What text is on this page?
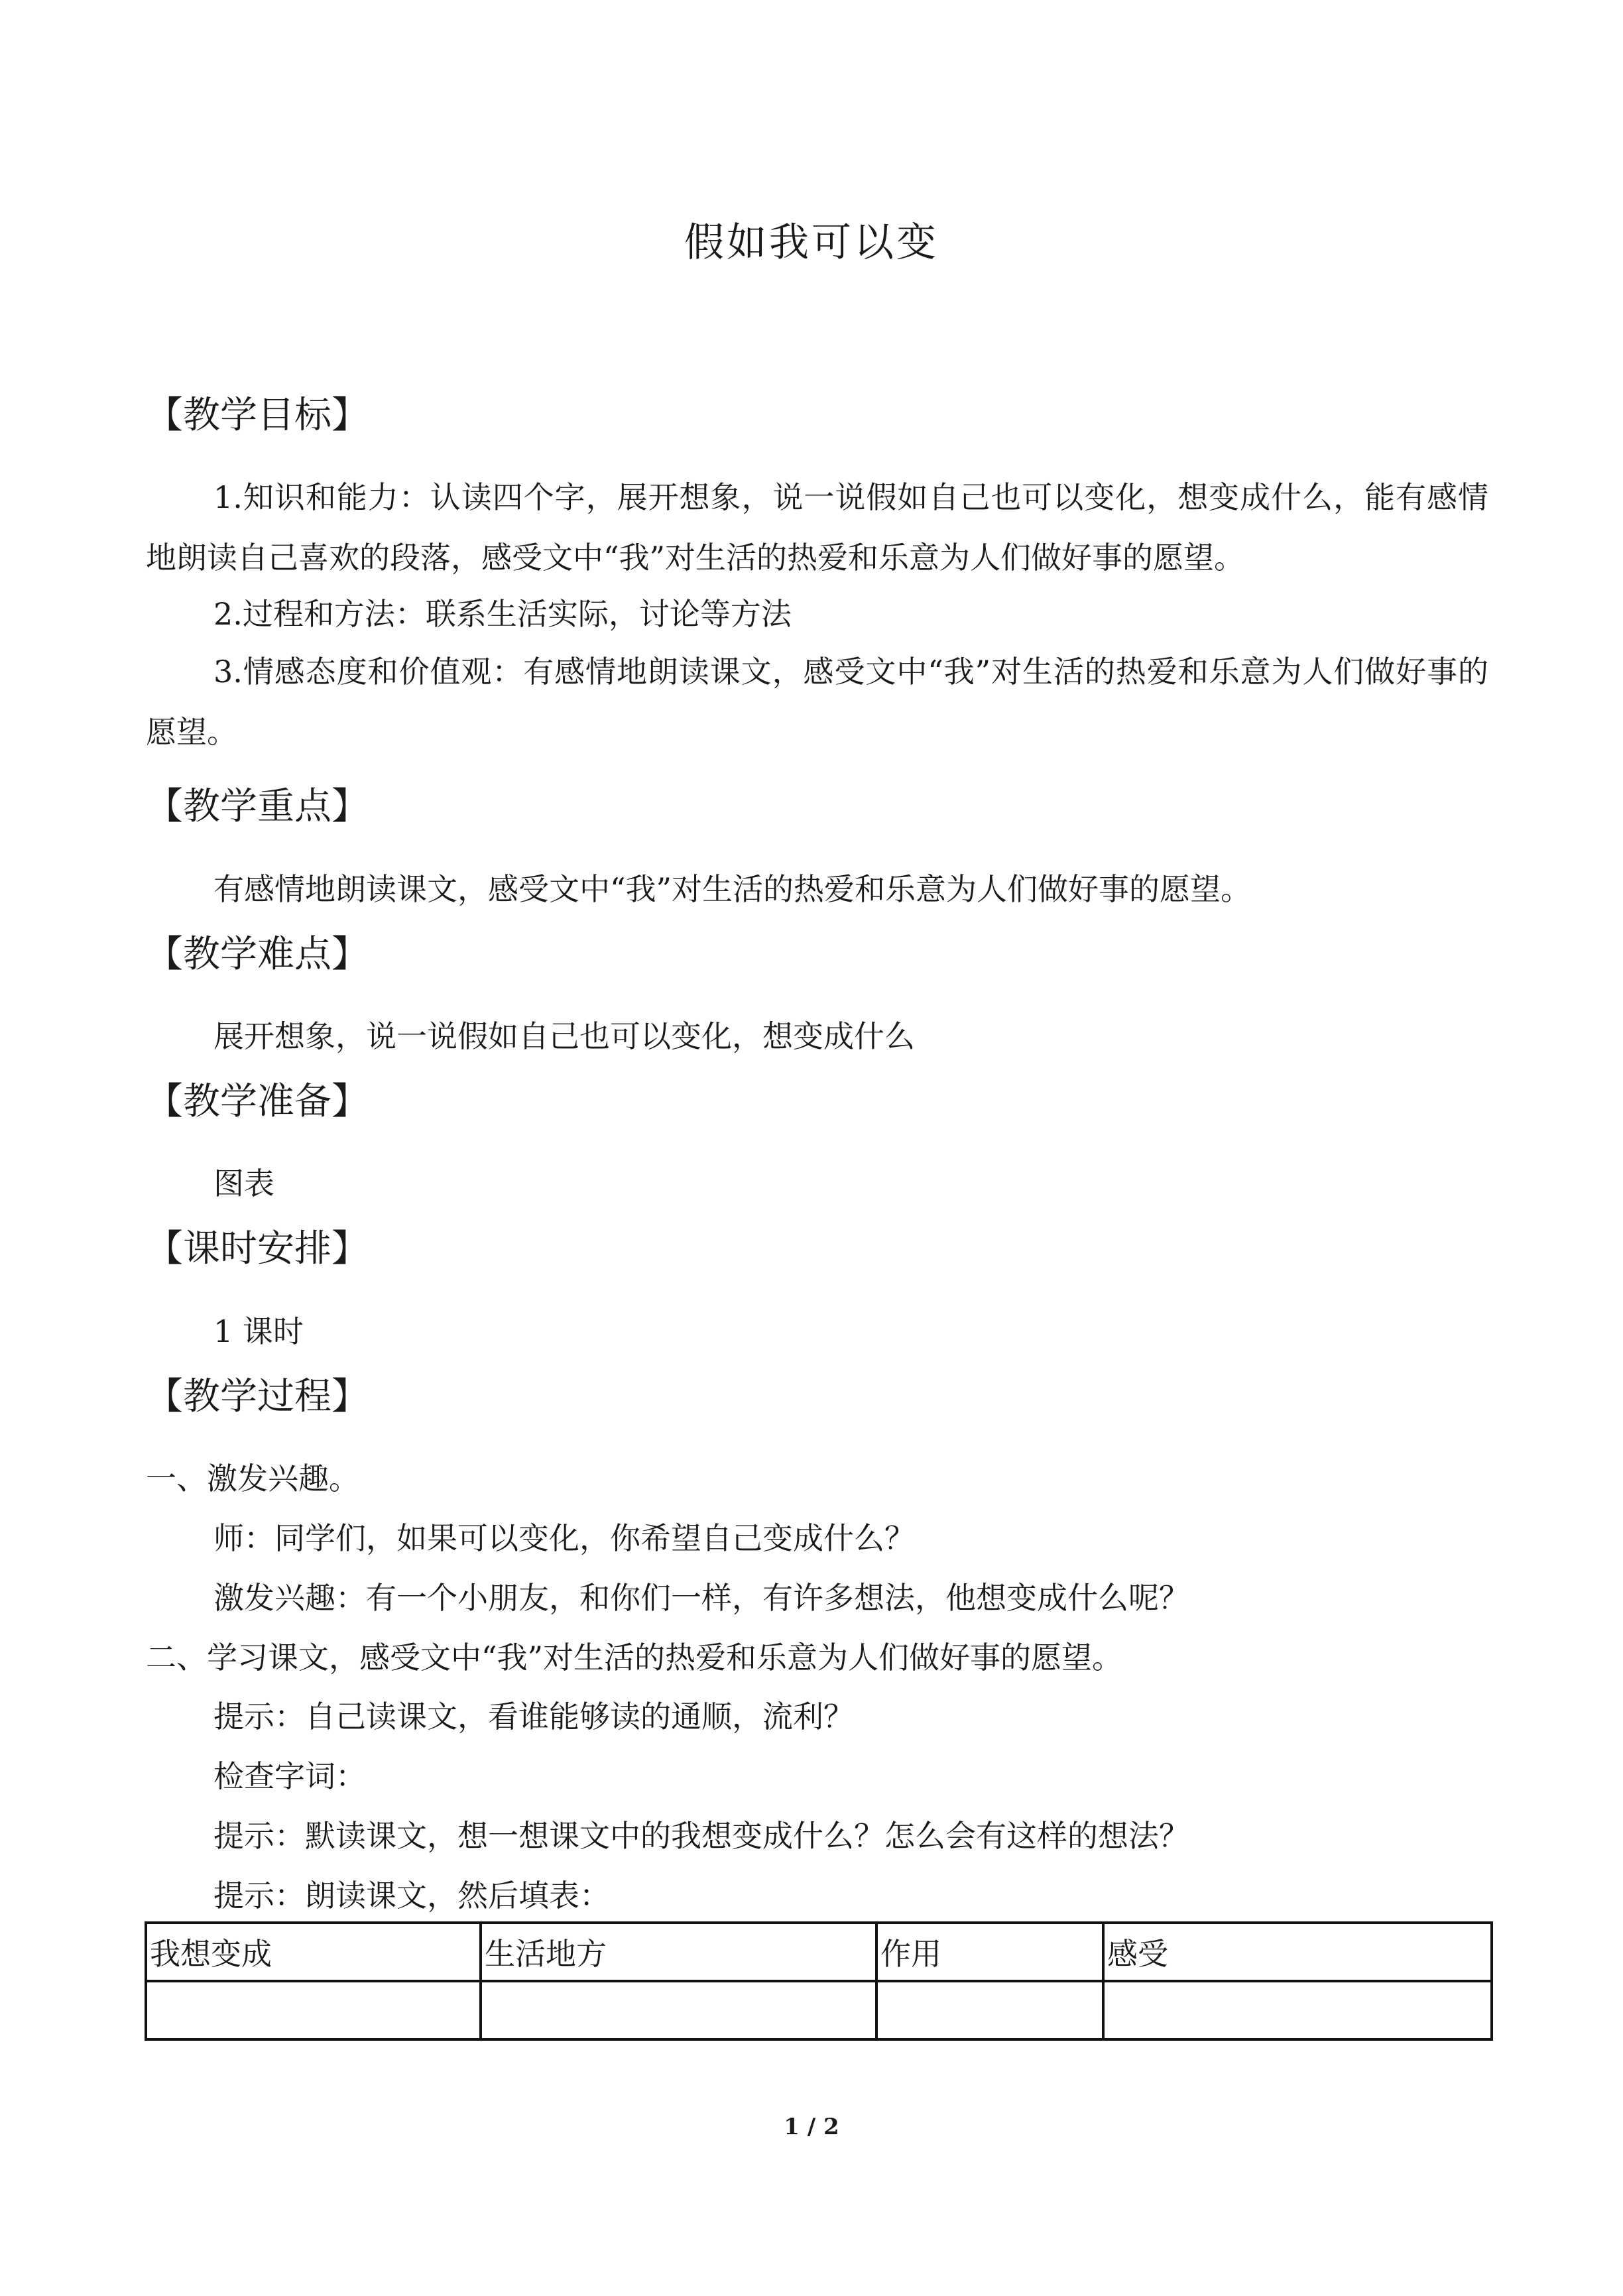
假如我可以变
【教学目标】
1.知识和能力：认读四个字，展开想象，说一说假如自己也可以变化，想变成什么，能有感情地朗读自己喜欢的段落，感受文中“我”对生活的热爱和乐意为人们做好事的愿望。
2.过程和方法：联系生活实际，讨论等方法
3.情感态度和价值观：有感情地朗读课文，感受文中“我”对生活的热爱和乐意为人们做好事的愿望。
【教学重点】
有感情地朗读课文，感受文中“我”对生活的热爱和乐意为人们做好事的愿望。
【教学难点】
展开想象，说一说假如自己也可以变化，想变成什么
【教学准备】
图表
【课时安排】
1 课时
【教学过程】
一、激发兴趣。
师：同学们，如果可以变化，你希望自己变成什么？
激发兴趣：有一个小朋友，和你们一样，有许多想法，他想变成什么呢？
二、学习课文，感受文中“我”对生活的热爱和乐意为人们做好事的愿望。
提示：自己读课文，看谁能够读的通顺，流利？
检查字词：
提示：默读课文，想一想课文中的我想变成什么？怎么会有这样的想法？
提示：朗读课文，然后填表：
我想变成	生活地方	作用	感受

1 / 2
